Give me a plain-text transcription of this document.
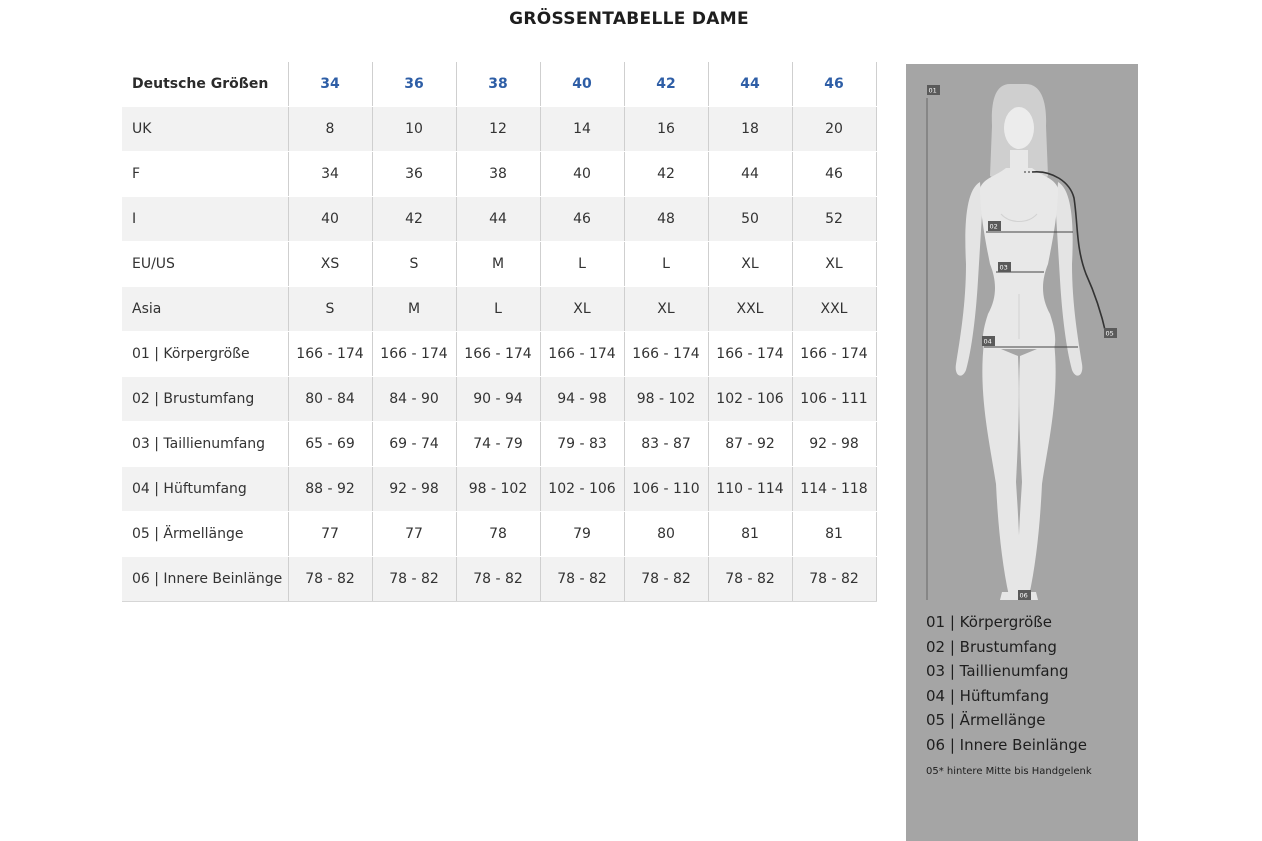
GRÖSSENTABELLE DAME
Deutsche Größen	34	36	38	40	42	44	46
UK	8	10	12	14	16	18	20
F	34	36	38	40	42	44	46
I	40	42	44	46	48	50	52
EU/US	XS	S	M	L	L	XL	XL
Asia	S	M	L	XL	XL	XXL	XXL
01 | Körpergröße	166 - 174	166 - 174	166 - 174	166 - 174	166 - 174	166 - 174	166 - 174
02 | Brustumfang	80 - 84	84 - 90	90 - 94	94 - 98	98 - 102	102 - 106	106 - 111
03 | Taillienumfang	65 - 69	69 - 74	74 - 79	79 - 83	83 - 87	87 - 92	92 - 98
04 | Hüftumfang	88 - 92	92 - 98	98 - 102	102 - 106	106 - 110	110 - 114	114 - 118
05 | Ärmellänge	77	77	78	79	80	81	81
06 | Innere Beinlänge	78 - 82	78 - 82	78 - 82	78 - 82	78 - 82	78 - 82	78 - 82
01
02
03
04
05
06
01 | Körpergröße
02 | Brustumfang
03 | Taillienumfang
04 | Hüftumfang
05 | Ärmellänge
06 | Innere Beinlänge
05* hintere Mitte bis Handgelenk
